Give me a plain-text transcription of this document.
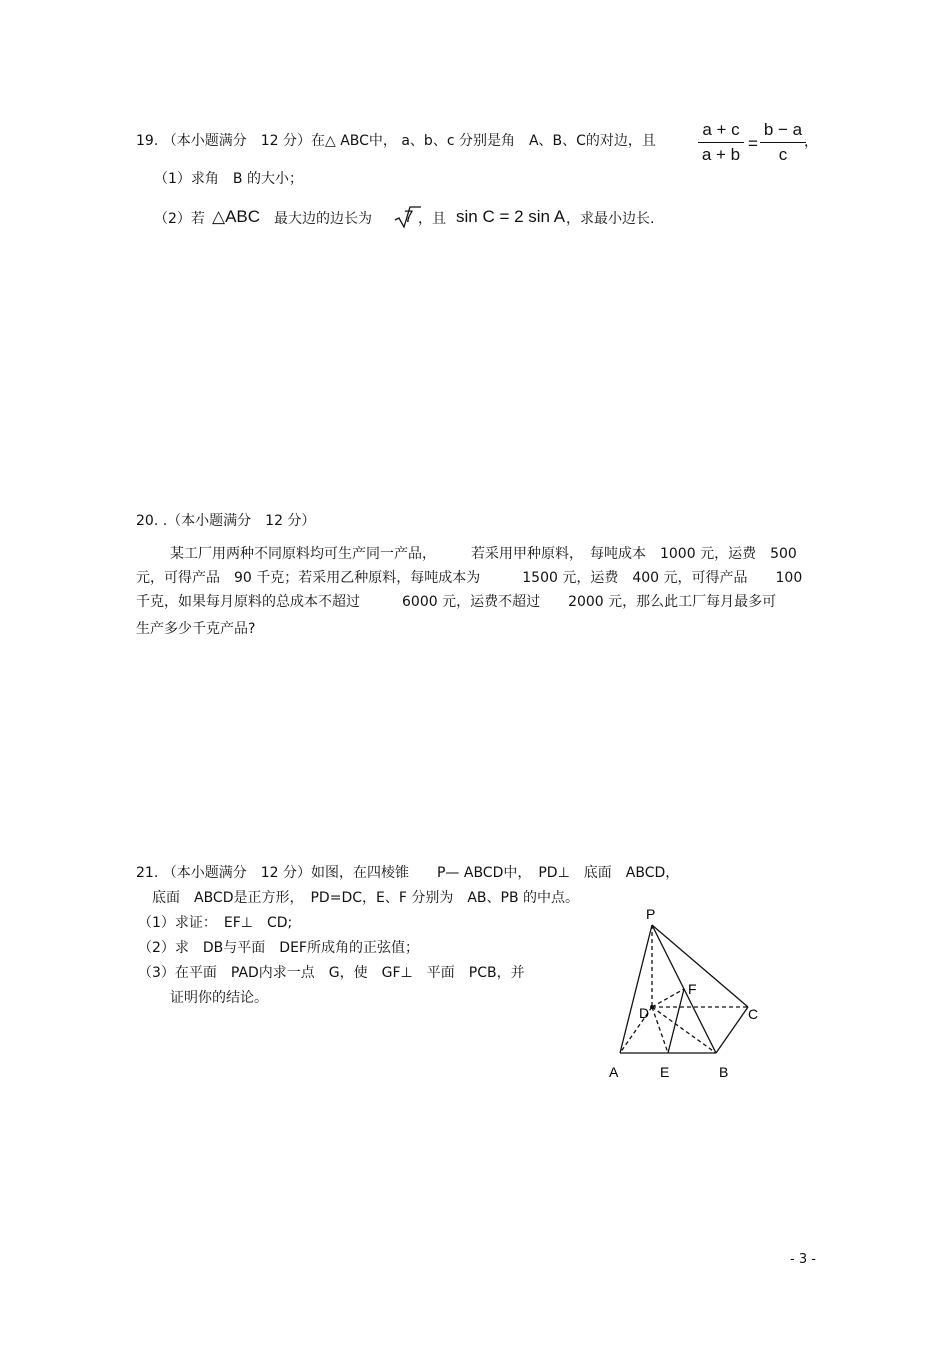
19. （本小题满分　12 分）在△ ABC中， a、b、c 分别是角　A、B、C的对边，且
a + c
a + b
=
b − a
c
，
（1）求角　B 的大小；
（2）若 △ABC 最大边的边长为 7 ，且 sin C = 2 sin A ，求最小边长.
20. .（本小题满分　12 分）
某工厂用两种不同原料均可生产同一产品，　　　若采用甲种原料，　每吨成本　1000 元，运费　500
元，可得产品　90 千克；若采用乙种原料，每吨成本为　　　1500 元，运费　400 元，可得产品　　100
千克，如果每月原料的总成本不超过　　　6000 元，运费不超过　　2000 元，那么此工厂每月最多可
生产多少千克产品?
21. （本小题满分　12 分）如图，在四棱锥　　P— ABCD中，　PD⊥　底面　ABCD，
底面　ABCD是正方形，　PD=DC，E、F 分别为　AB、PB 的中点。
（1）求证：　EF⊥　CD;
（2）求　DB与平面　DEF所成角的正弦值；
（3）在平面　PAD内求一点　G，使　GF⊥　平面　PCB，并
证明你的结论。
P
F
D	C
A	E	B
- 3 -
